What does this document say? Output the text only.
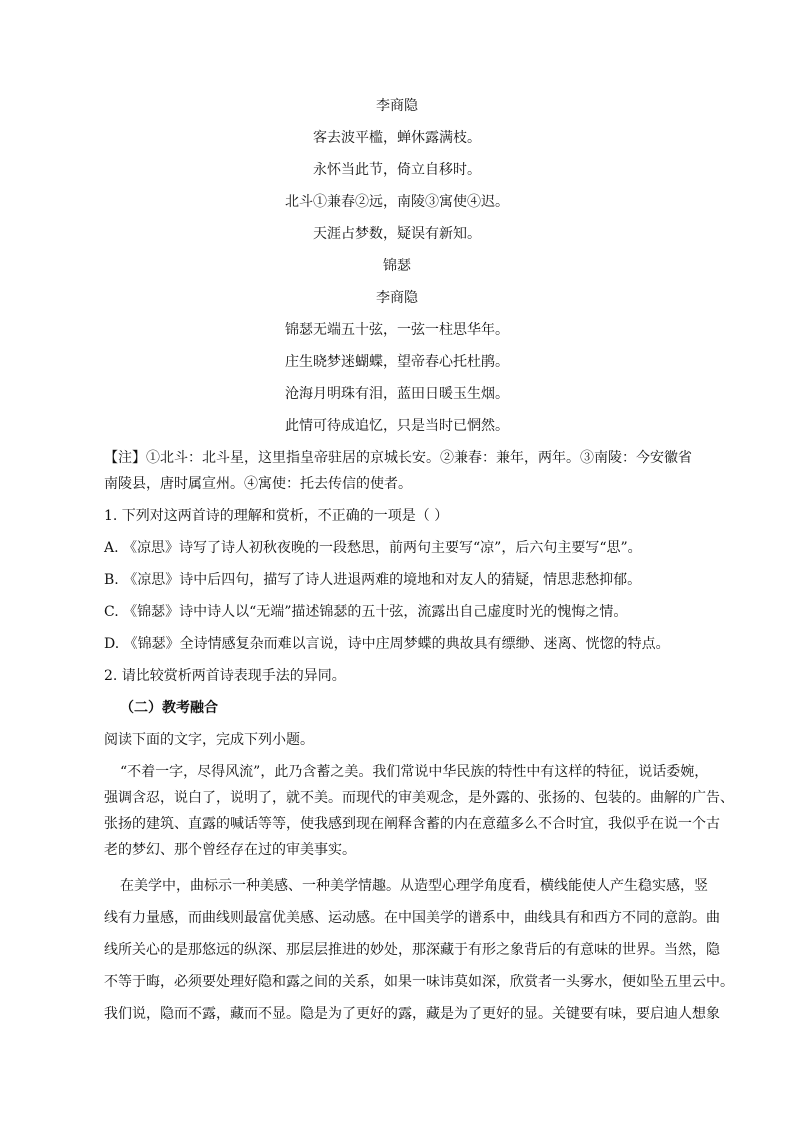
李商隐
客去波平槛，蝉休露满枝。
永怀当此节，倚立自移时。
北斗①兼春②远，南陵③寓使④迟。
天涯占梦数，疑误有新知。
锦瑟
李商隐
锦瑟无端五十弦，一弦一柱思华年。
庄生晓梦迷蝴蝶，望帝春心托杜鹃。
沧海月明珠有泪，蓝田日暖玉生烟。
此情可待成追忆，只是当时已惘然。
【注】①北斗：北斗星，这里指皇帝驻居的京城长安。②兼春：兼年，两年。③南陵：今安徽省
南陵县，唐时属宣州。④寓使：托去传信的使者。
1. 下列对这两首诗的理解和赏析，不正确的一项是（ ）
A. 《凉思》诗写了诗人初秋夜晚的一段愁思，前两句主要写“凉”，后六句主要写“思”。
B. 《凉思》诗中后四句，描写了诗人进退两难的境地和对友人的猜疑，情思悲愁抑郁。
C. 《锦瑟》诗中诗人以“无端”描述锦瑟的五十弦，流露出自己虚度时光的愧悔之情。
D. 《锦瑟》全诗情感复杂而难以言说，诗中庄周梦蝶的典故具有缥缈、迷离、恍惚的特点。
2. 请比较赏析两首诗表现手法的异同。
（二）教考融合
阅读下面的文字，完成下列小题。
“不着一字，尽得风流”，此乃含蓄之美。我们常说中华民族的特性中有这样的特征，说话委婉，
强调含忍，说白了，说明了，就不美。而现代的审美观念，是外露的、张扬的、包装的。曲解的广告、
张扬的建筑、直露的喊话等等，使我感到现在阐释含蓄的内在意蕴多么不合时宜，我似乎在说一个古
老的梦幻、那个曾经存在过的审美事实。
在美学中，曲标示一种美感、一种美学情趣。从造型心理学角度看，横线能使人产生稳实感，竖
线有力量感，而曲线则最富优美感、运动感。在中国美学的谱系中，曲线具有和西方不同的意韵。曲
线所关心的是那悠远的纵深、那层层推进的妙处，那深藏于有形之象背后的有意味的世界。当然，隐
不等于晦，必须要处理好隐和露之间的关系，如果一味讳莫如深，欣赏者一头雾水，便如坠五里云中。
我们说，隐而不露，藏而不显。隐是为了更好的露，藏是为了更好的显。关键要有味，要启迪人想象
